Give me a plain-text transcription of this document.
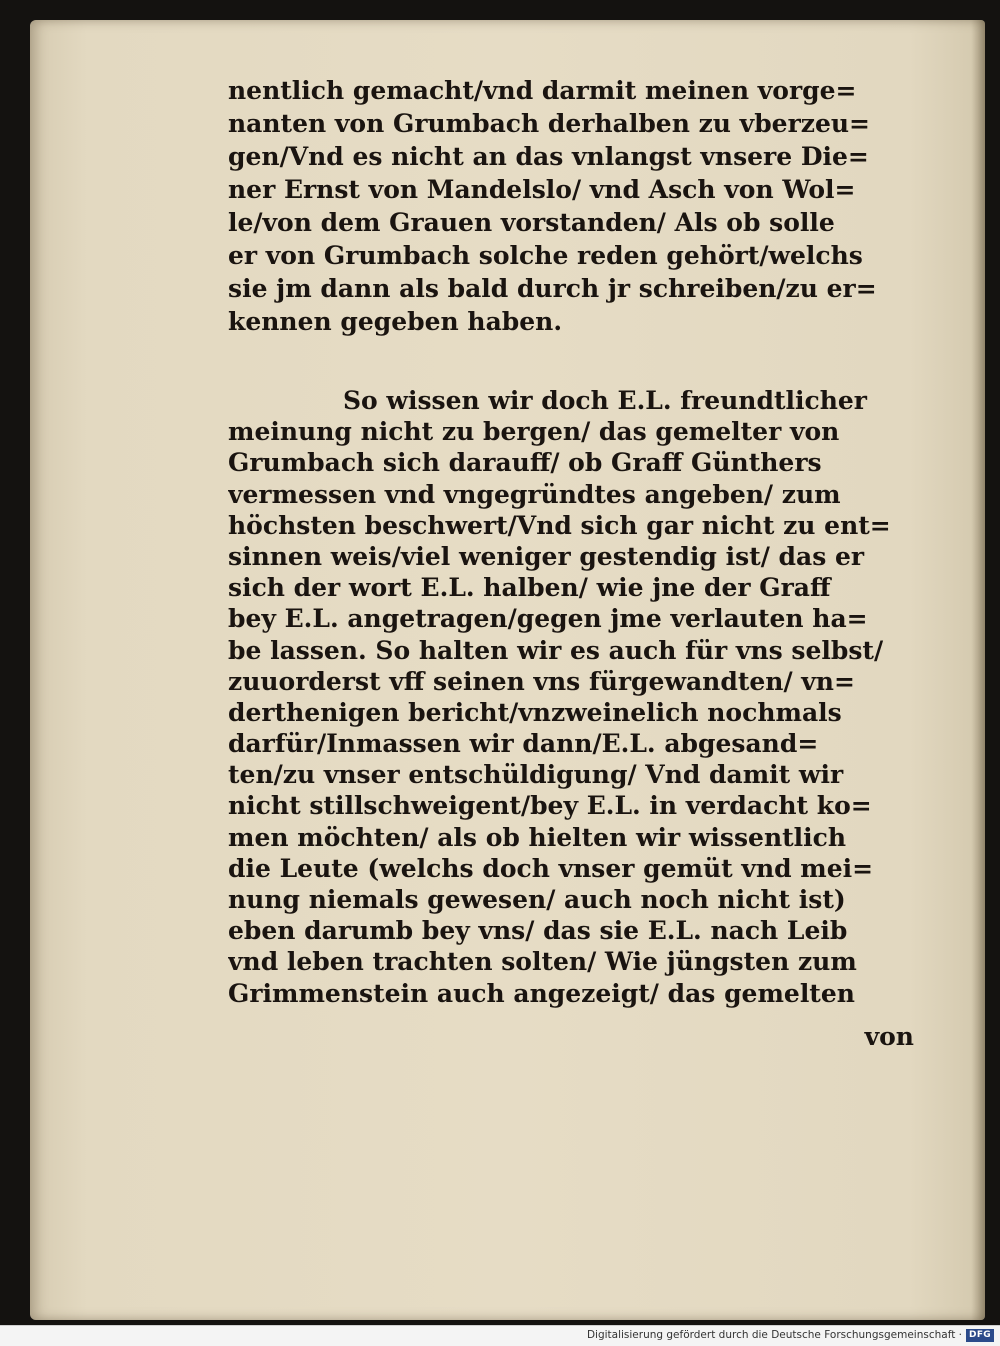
nentlich gemacht/vnd darmit meinen vorge=
nanten von Grumbach derhalben zu vberzeu=
gen/Vnd es nicht an das vnlangst vnsere Die=
ner Ernst von Mandelslo/ vnd Asch von Wol=
le/von dem Grauen vorstanden/ Als ob solle
er von Grumbach solche reden gehört/welchs
sie jm dann als bald durch jr schreiben/zu er=
kennen gegeben haben.
So wissen wir doch E.L. freundtlicher
meinung nicht zu bergen/ das gemelter von
Grumbach sich darauff/ ob Graff Günthers
vermessen vnd vngegründtes angeben/ zum
höchsten beschwert/Vnd sich gar nicht zu ent=
sinnen weis/viel weniger gestendig ist/ das er
sich der wort E.L. halben/ wie jne der Graff
bey E.L. angetragen/gegen jme verlauten ha=
be lassen. So halten wir es auch für vns selbst/
zuuorderst vff seinen vns fürgewandten/ vn=
derthenigen bericht/vnzweinelich nochmals
darfür/Inmassen wir dann/E.L. abgesand=
ten/zu vnser entschüldigung/ Vnd damit wir
nicht stillschweigent/bey E.L. in verdacht ko=
men möchten/ als ob hielten wir wissentlich
die Leute (welchs doch vnser gemüt vnd mei=
nung niemals gewesen/ auch noch nicht ist)
eben darumb bey vns/ das sie E.L. nach Leib
vnd leben trachten solten/ Wie jüngsten zum
Grimmenstein auch angezeigt/ das gemelten
von
Digitalisierung gefördert durch die Deutsche Forschungsgemeinschaft · DFG
